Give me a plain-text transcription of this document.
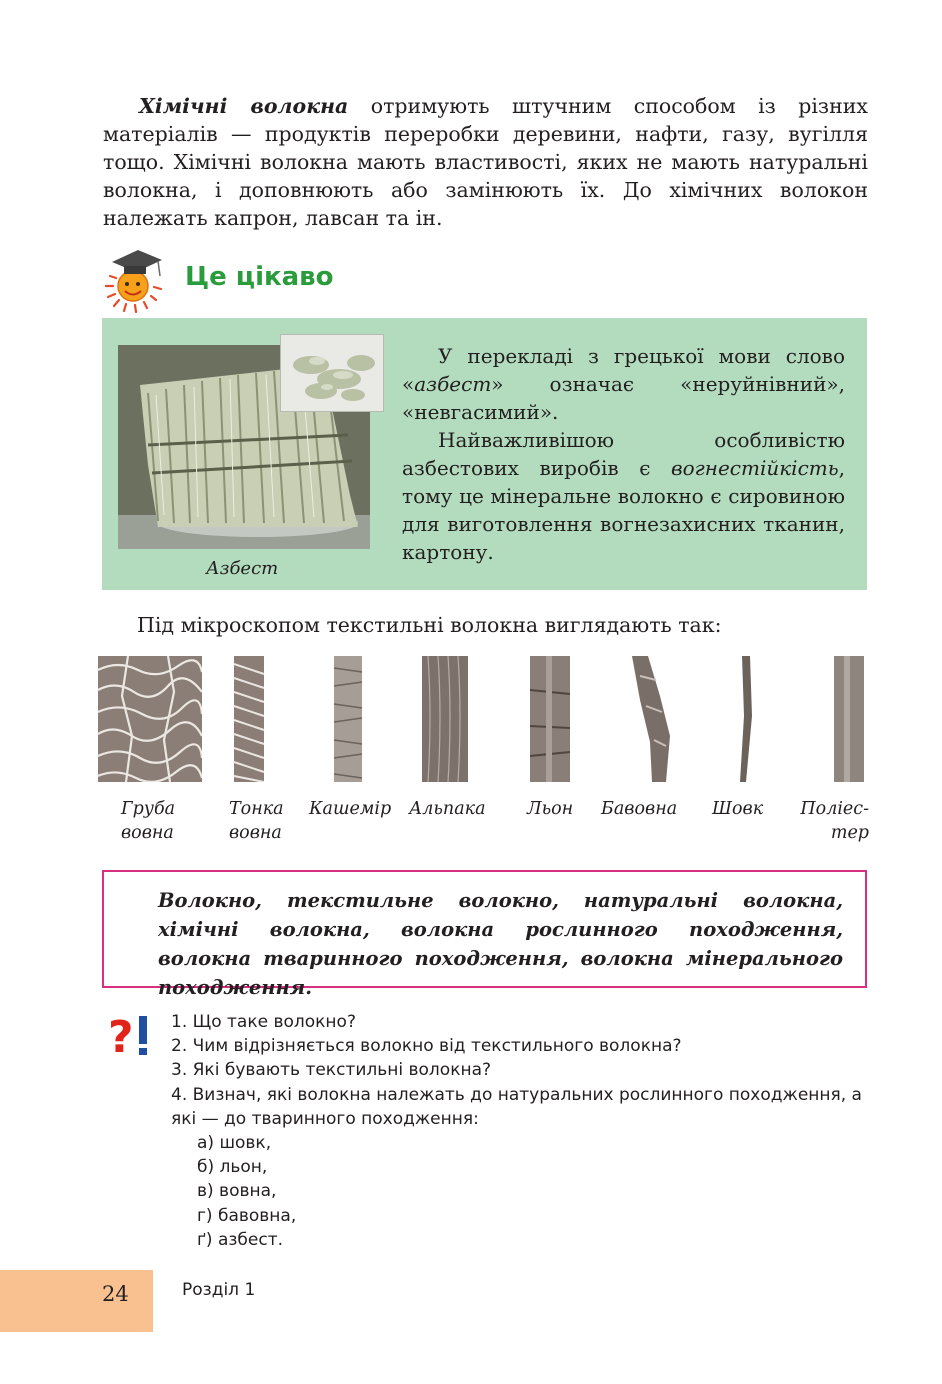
Хімічні волокна отримують штучним способом із різних матеріалів — продуктів переробки деревини, нафти, газу, вугілля тощо. Хімічні волокна мають властивості, яких не мають натуральні волокна, і доповнюють або замінюють їх. До хімічних волокон належать капрон, лавсан та ін.

Це цікаво
Азбест

У перекладі з грецької мови слово «азбест» означає «неруйнівний», «невгасимий».

Найважливішою особливістю азбестових виробів є вогнестійкість, тому це мінеральне волокно є сировиною для виготовлення вогнезахисних тканин, картону.

Під мікроскопом текстильні волокна виглядають так:
Груба
вовна
Тонка
вовна
Кашемір Альпака Льон Бавовна Шовк Поліес-
тер
Волокно, текстильне волокно, натуральні волокна, хімічні волокна, волокна рослинного походження, волокна тваринного походження, волокна мінерального походження.
? 1. Що таке волокно?
2. Чим відрізняється волокно від текстильного волокна?
3. Які бувають текстильні волокна?
4. Визнач, які волокна належать до натуральних рослинного походження, а які — до тваринного походження:
а) шовк,
б) льон,
в) вовна,
г) бавовна,
ґ) азбест.
24	Розділ 1
